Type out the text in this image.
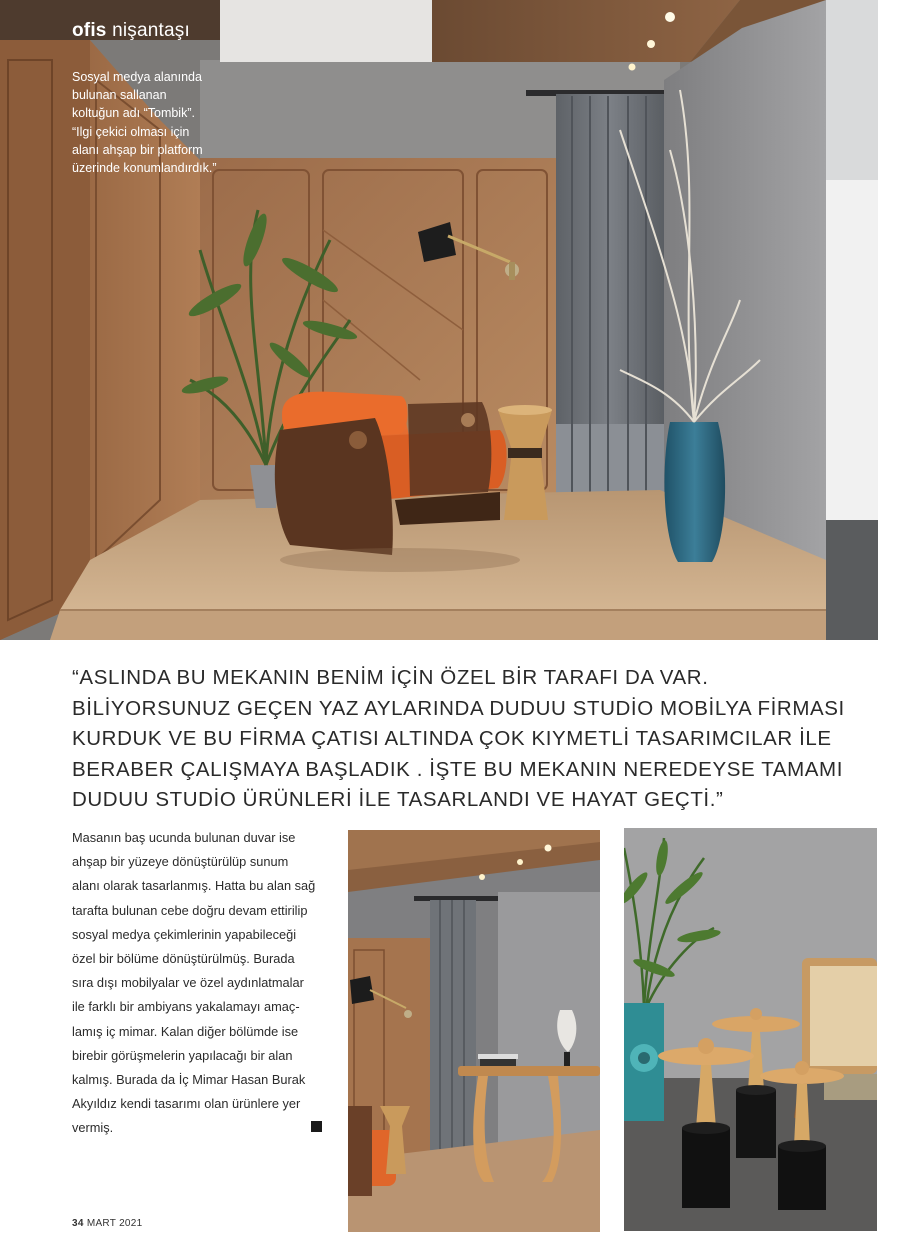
ofis nişantaşı
Sosyal medya alanında
bulunan sallanan
koltuğun adı “Tombik”.
“Ilgi çekici olması için
alanı ahşap bir platform
üzerinde konumlandırdık.”
“ASLINDA BU MEKANIN BENİM İÇİN ÖZEL BİR TARAFI DA VAR.
BİLİYORSUNUZ GEÇEN YAZ AYLARINDA DUDUU STUDİO MOBİLYA FİRMASI
KURDUK VE BU FİRMA ÇATISI ALTINDA ÇOK KIYMETLİ TASARIMCILAR İLE
BERABER ÇALIŞMAYA BAŞLADIK . İŞTE BU MEKANIN NEREDEYSE TAMAMI
DUDUU STUDİO ÜRÜNLERİ İLE TASARLANDI VE HAYAT GEÇTİ.”
Masanın baş ucunda bulunan duvar ise
ahşap bir yüzeye dönüştürülüp sunum
alanı olarak tasarlanmış. Hatta bu alan sağ
tarafta bulunan cebe doğru devam ettirilip
sosyal medya çekimlerinin yapabileceği
özel bir bölüme dönüştürülmüş. Burada
sıra dışı mobilyalar ve özel aydınlatmalar
ile farklı bir ambiyans yakalamayı amaç-
lamış iç mimar. Kalan diğer bölümde ise
birebir görüşmelerin yapılacağı bir alan
kalmış. Burada da İç Mimar Hasan Burak
Akyıldız kendi tasarımı olan ürünlere yer
vermiş.
34 MART 2021
